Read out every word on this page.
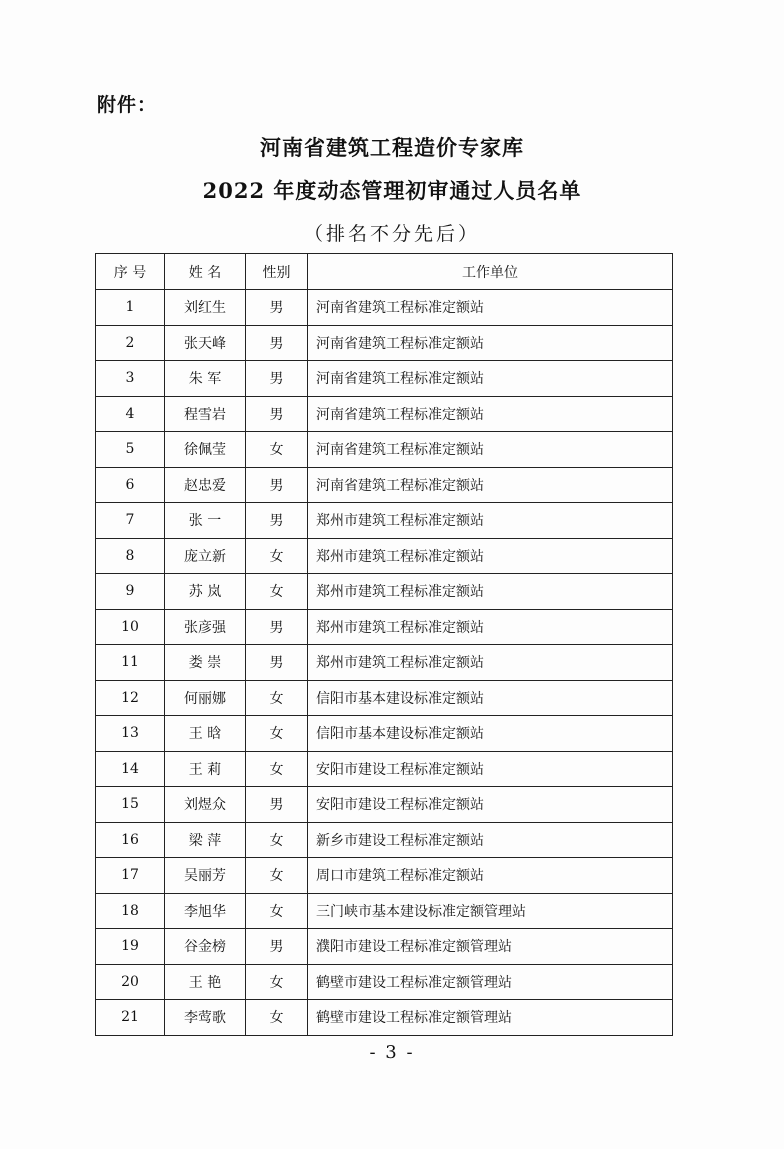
附件：
河南省建筑工程造价专家库
2022 年度动态管理初审通过人员名单
（排名不分先后）
序 号	姓 名	性别	工作单位
1	刘红生	男	河南省建筑工程标准定额站
2	张天峰	男	河南省建筑工程标准定额站
3	朱 军	男	河南省建筑工程标准定额站
4	程雪岩	男	河南省建筑工程标准定额站
5	徐佩莹	女	河南省建筑工程标准定额站
6	赵忠爱	男	河南省建筑工程标准定额站
7	张 一	男	郑州市建筑工程标准定额站
8	庞立新	女	郑州市建筑工程标准定额站
9	苏 岚	女	郑州市建筑工程标准定额站
10	张彦强	男	郑州市建筑工程标准定额站
11	娄 崇	男	郑州市建筑工程标准定额站
12	何丽娜	女	信阳市基本建设标准定额站
13	王 晗	女	信阳市基本建设标准定额站
14	王 莉	女	安阳市建设工程标准定额站
15	刘煜众	男	安阳市建设工程标准定额站
16	梁 萍	女	新乡市建设工程标准定额站
17	吴丽芳	女	周口市建筑工程标准定额站
18	李旭华	女	三门峡市基本建设标准定额管理站
19	谷金榜	男	濮阳市建设工程标准定额管理站
20	王 艳	女	鹤壁市建设工程标准定额管理站
21	李莺歌	女	鹤壁市建设工程标准定额管理站
- 3 -
